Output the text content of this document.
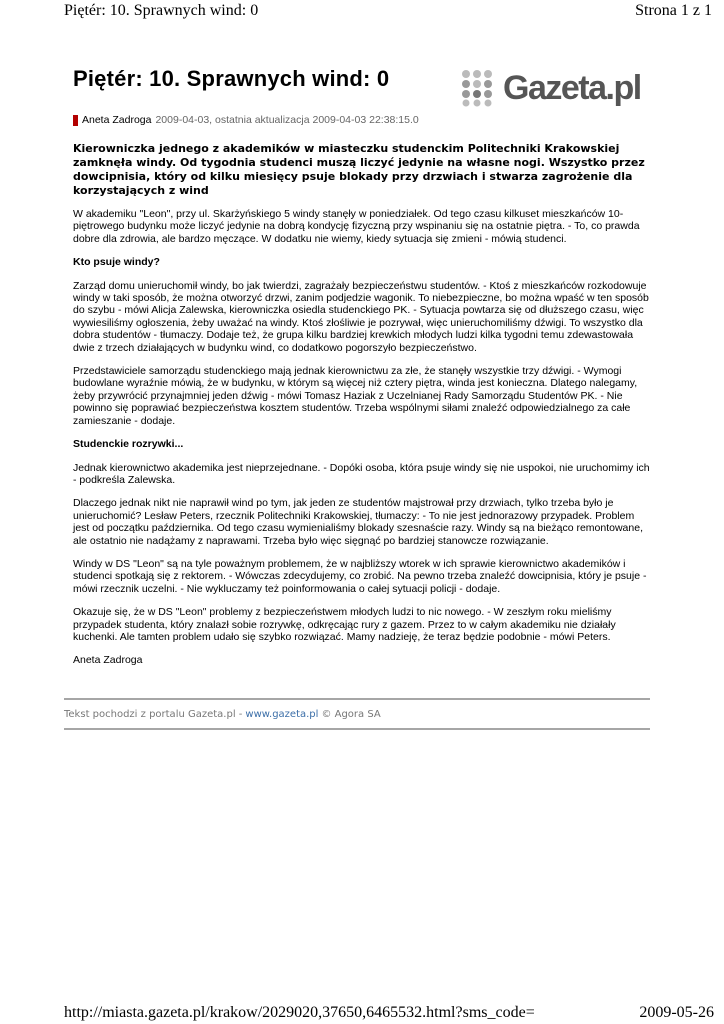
Piętér: 10. Sprawnych wind: 0	Strona 1 z 1
Piętér: 10. Sprawnych wind: 0	Gazeta.pl
Aneta Zadroga 2009-04-03, ostatnia aktualizacja 2009-04-03 22:38:15.0
Kierowniczka jednego z akademików w miasteczku studenckim Politechniki Krakowskiej zamknęła windy. Od tygodnia studenci muszą liczyć jedynie na własne nogi. Wszystko przez dowcipnisia, który od kilku miesięcy psuje blokady przy drzwiach i stwarza zagrożenie dla korzystających z wind

W akademiku "Leon", przy ul. Skarżyńskiego 5 windy stanęły w poniedziałek. Od tego czasu kilkuset mieszkańców 10-piętrowego budynku może liczyć jedynie na dobrą kondycję fizyczną przy wspinaniu się na ostatnie piętra. - To, co prawda dobre dla zdrowia, ale bardzo męczące. W dodatku nie wiemy, kiedy sytuacja się zmieni - mówią studenci.

Kto psuje windy?

Zarząd domu unieruchomił windy, bo jak twierdzi, zagrażały bezpieczeństwu studentów. - Ktoś z mieszkańców rozkodowuje windy w taki sposób, że można otworzyć drzwi, zanim podjedzie wagonik. To niebezpieczne, bo można wpaść w ten sposób do szybu - mówi Alicja Zalewska, kierowniczka osiedla studenckiego PK. - Sytuacja powtarza się od dłuższego czasu, więc wywiesiliśmy ogłoszenia, żeby uważać na windy. Ktoś złośliwie je pozrywał, więc unieruchomiliśmy dźwigi. To wszystko dla dobra studentów - tłumaczy. Dodaje też, że grupa kilku bardziej krewkich młodych ludzi kilka tygodni temu zdewastowała dwie z trzech działających w budynku wind, co dodatkowo pogorszyło bezpieczeństwo.

Przedstawiciele samorządu studenckiego mają jednak kierownictwu za złe, że stanęły wszystkie trzy dźwigi. - Wymogi budowlane wyraźnie mówią, że w budynku, w którym są więcej niż cztery piętra, winda jest konieczna. Dlatego nalegamy, żeby przywrócić przynajmniej jeden dźwig - mówi Tomasz Haziak z Uczelnianej Rady Samorządu Studentów PK. - Nie powinno się poprawiać bezpieczeństwa kosztem studentów. Trzeba wspólnymi siłami znaleźć odpowiedzialnego za całe zamieszanie - dodaje.

Studenckie rozrywki...

Jednak kierownictwo akademika jest nieprzejednane. - Dopóki osoba, która psuje windy się nie uspokoi, nie uruchomimy ich - podkreśla Zalewska.

Dlaczego jednak nikt nie naprawił wind po tym, jak jeden ze studentów majstrował przy drzwiach, tylko trzeba było je unieruchomić? Lesław Peters, rzecznik Politechniki Krakowskiej, tłumaczy: - To nie jest jednorazowy przypadek. Problem jest od początku października. Od tego czasu wymienialiśmy blokady szesnaście razy. Windy są na bieżąco remontowane, ale ostatnio nie nadążamy z naprawami. Trzeba było więc sięgnąć po bardziej stanowcze rozwiązanie.

Windy w DS "Leon" są na tyle poważnym problemem, że w najbliższy wtorek w ich sprawie kierownictwo akademików i studenci spotkają się z rektorem. - Wówczas zdecydujemy, co zrobić. Na pewno trzeba znaleźć dowcipnisia, który je psuje - mówi rzecznik uczelni. - Nie wykluczamy też poinformowania o całej sytuacji policji - dodaje.

Okazuje się, że w DS "Leon" problemy z bezpieczeństwem młodych ludzi to nic nowego. - W zeszłym roku mieliśmy przypadek studenta, który znalazł sobie rozrywkę, odkręcając rury z gazem. Przez to w całym akademiku nie działały kuchenki. Ale tamten problem udało się szybko rozwiązać. Mamy nadzieję, że teraz będzie podobnie - mówi Peters.

Aneta Zadroga

Tekst pochodzi z portalu Gazeta.pl - www.gazeta.pl © Agora SA
http://miasta.gazeta.pl/krakow/2029020,37650,6465532.html?sms_code=	2009-05-26
